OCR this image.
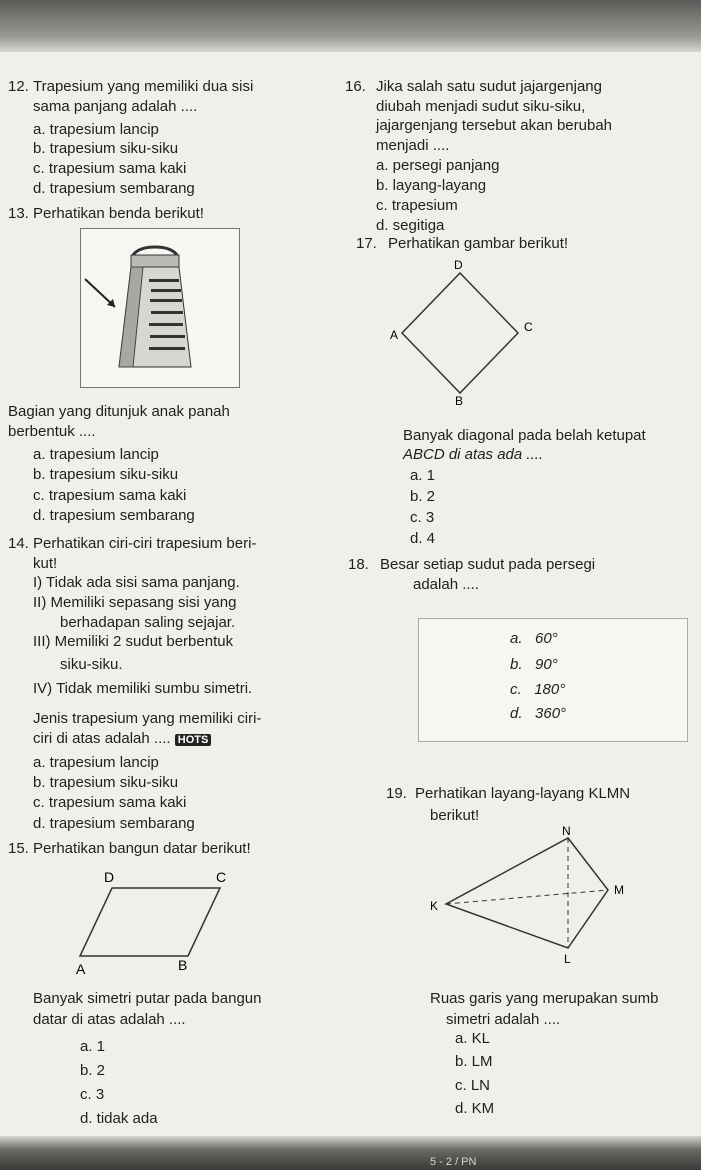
12. Trapesium yang memiliki dua sisi
sama panjang adalah ....
a. trapesium lancip
b. trapesium siku-siku
c. trapesium sama kaki
d. trapesium sembarang
13. Perhatikan benda berikut!
Bagian yang ditunjuk anak panah
berbentuk ....
a. trapesium lancip
b. trapesium siku-siku
c. trapesium sama kaki
d. trapesium sembarang
14. Perhatikan ciri-ciri trapesium beri-
kut!
I) Tidak ada sisi sama panjang.
II) Memiliki sepasang sisi yang
berhadapan saling sejajar.
III) Memiliki 2 sudut berbentuk
siku-siku.
IV) Tidak memiliki sumbu simetri.
Jenis trapesium yang memiliki ciri-
ciri di atas adalah .... HOTS
a. trapesium lancip
b. trapesium siku-siku
c. trapesium sama kaki
d. trapesium sembarang
15. Perhatikan bangun datar berikut!
D	C
A	B
Banyak simetri putar pada bangun
datar di atas adalah ....
a. 1
b. 2
c. 3
d. tidak ada
16. Jika salah satu sudut jajargenjang
diubah menjadi sudut siku-siku,
jajargenjang tersebut akan berubah
menjadi ....
a. persegi panjang
b. layang-layang
c. trapesium
d. segitiga
17. Perhatikan gambar berikut!
D
A
C
B
Banyak diagonal pada belah ketupat
ABCD di atas ada ....
a. 1
b. 2
c. 3
d. 4
18. Besar setiap sudut pada persegi
adalah ....
a. 60°
b. 90°
c. 180°
d. 360°
19. Perhatikan layang-layang KLMN
berikut!
N
K
M
L
Ruas garis yang merupakan sumb
simetri adalah ....
a. KL
b. LM
c. LN
d. KM
5 - 2 / PN
